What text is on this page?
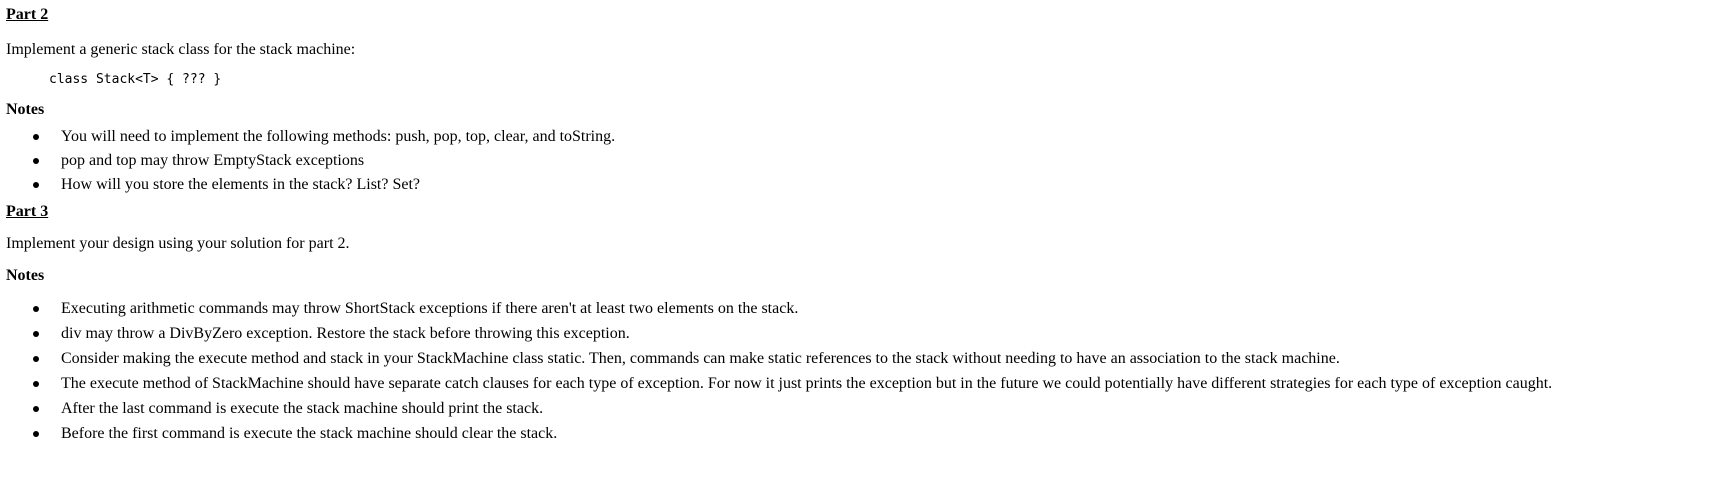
Part 2
Implement a generic stack class for the stack machine:
class Stack<T> { ??? }
Notes
You will need to implement the following methods: push, pop, top, clear, and toString.
pop and top may throw EmptyStack exceptions
How will you store the elements in the stack? List? Set?
Part 3
Implement your design using your solution for part 2.
Notes
Executing arithmetic commands may throw ShortStack exceptions if there aren't at least two elements on the stack.
div may throw a DivByZero exception. Restore the stack before throwing this exception.
Consider making the execute method and stack in your StackMachine class static. Then, commands can make static references to the stack without needing to have an association to the stack machine.
The execute method of StackMachine should have separate catch clauses for each type of exception. For now it just prints the exception but in the future we could potentially have different strategies for each type of exception caught.
After the last command is execute the stack machine should print the stack.
Before the first command is execute the stack machine should clear the stack.
